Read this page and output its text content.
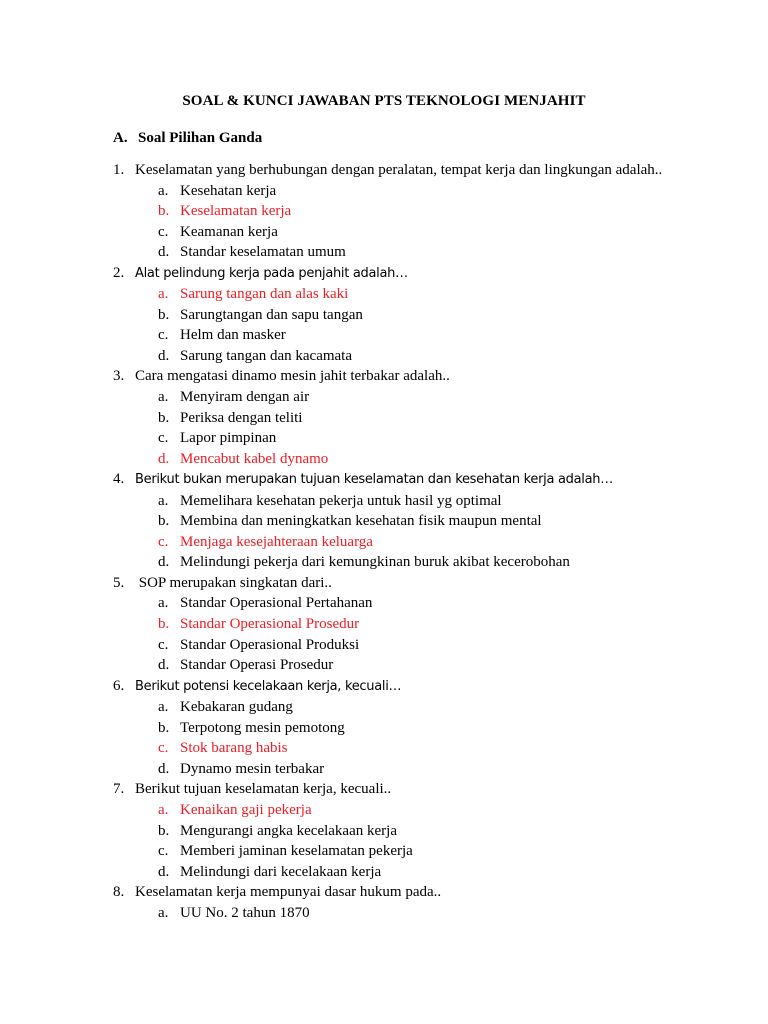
SOAL & KUNCI JAWABAN PTS TEKNOLOGI MENJAHIT
A. Soal Pilihan Ganda
1. Keselamatan yang berhubungan dengan peralatan, tempat kerja dan lingkungan adalah..
a. Kesehatan kerja
b. Keselamatan kerja
c. Keamanan kerja
d. Standar keselamatan umum
2. Alat pelindung kerja pada penjahit adalah…
a. Sarung tangan dan alas kaki
b. Sarungtangan dan sapu tangan
c. Helm dan masker
d. Sarung tangan dan kacamata
3. Cara mengatasi dinamo mesin jahit terbakar adalah..
a. Menyiram dengan air
b. Periksa dengan teliti
c. Lapor pimpinan
d. Mencabut kabel dynamo
4. Berikut bukan merupakan tujuan keselamatan dan kesehatan kerja adalah…
a. Memelihara kesehatan pekerja untuk hasil yg optimal
b. Membina dan meningkatkan kesehatan fisik maupun mental
c. Menjaga kesejahteraan keluarga
d. Melindungi pekerja dari kemungkinan buruk akibat kecerobohan
5. SOP merupakan singkatan dari..
a. Standar Operasional Pertahanan
b. Standar Operasional Prosedur
c. Standar Operasional Produksi
d. Standar Operasi Prosedur
6. Berikut potensi kecelakaan kerja, kecuali…
a. Kebakaran gudang
b. Terpotong mesin pemotong
c. Stok barang habis
d. Dynamo mesin terbakar
7. Berikut tujuan keselamatan kerja, kecuali..
a. Kenaikan gaji pekerja
b. Mengurangi angka kecelakaan kerja
c. Memberi jaminan keselamatan pekerja
d. Melindungi dari kecelakaan kerja
8. Keselamatan kerja mempunyai dasar hukum pada..
a. UU No. 2 tahun 1870
